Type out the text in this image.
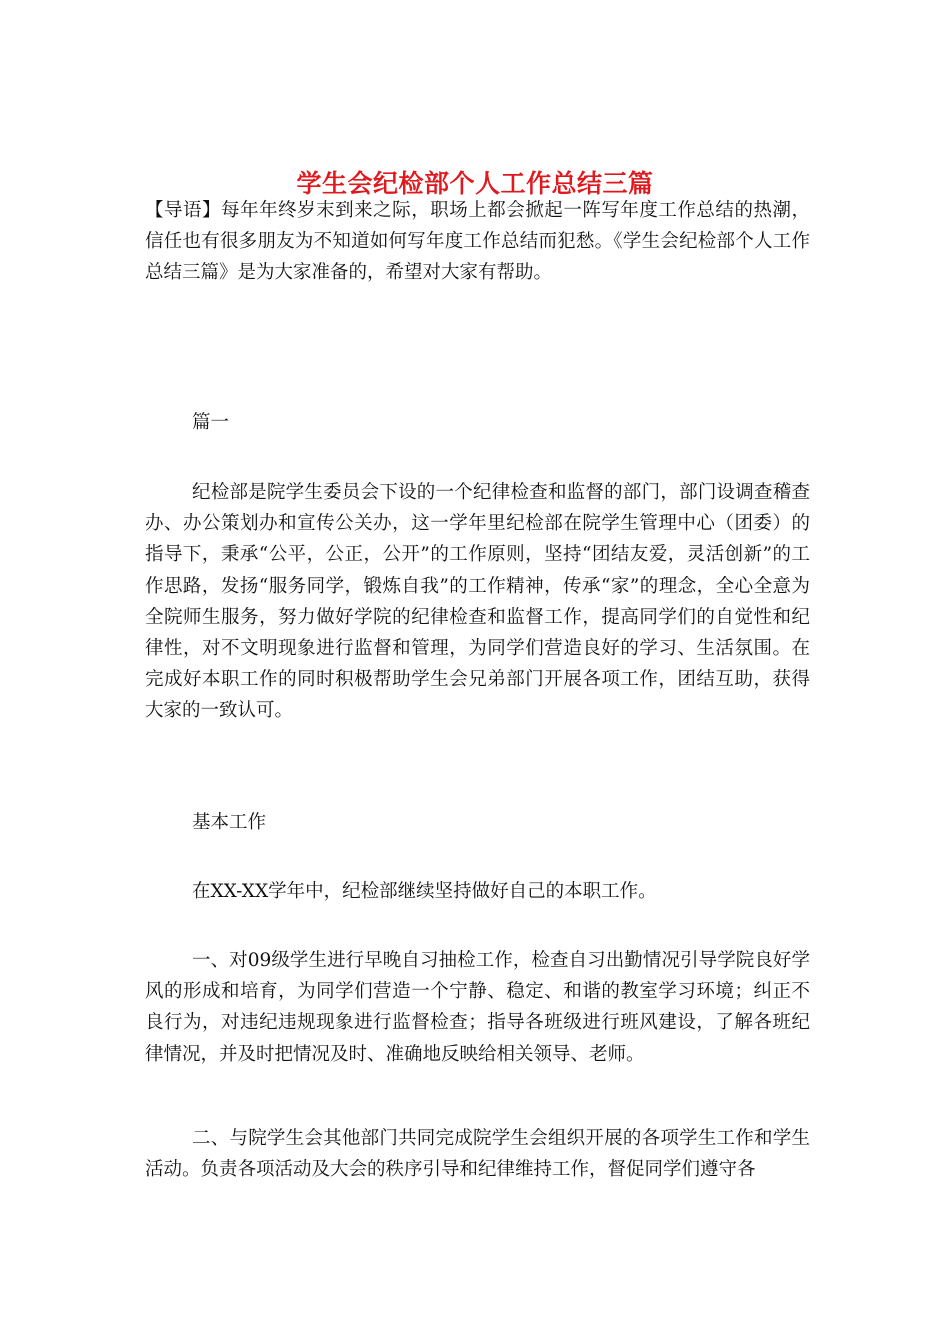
学生会纪检部个人工作总结三篇

【导语】每年年终岁末到来之际，职场上都会掀起一阵写年度工作总结的热潮，信任也有很多朋友为不知道如何写年度工作总结而犯愁。《学生会纪检部个人工作总结三篇》是为大家准备的，希望对大家有帮助。

篇一

纪检部是院学生委员会下设的一个纪律检查和监督的部门，部门设调查稽查办、办公策划办和宣传公关办，这一学年里纪检部在院学生管理中心（团委）的指导下，秉承“公平，公正，公开”的工作原则，坚持“团结友爱，灵活创新”的工作思路，发扬“服务同学，锻炼自我”的工作精神，传承“家”的理念，全心全意为全院师生服务，努力做好学院的纪律检查和监督工作，提高同学们的自觉性和纪律性，对不文明现象进行监督和管理，为同学们营造良好的学习、生活氛围。在完成好本职工作的同时积极帮助学生会兄弟部门开展各项工作，团结互助，获得大家的一致认可。

基本工作

在XX-XX学年中，纪检部继续坚持做好自己的本职工作。

一、对09级学生进行早晚自习抽检工作，检查自习出勤情况引导学院良好学风的形成和培育，为同学们营造一个宁静、稳定、和谐的教室学习环境；纠正不良行为，对违纪违规现象进行监督检查；指导各班级进行班风建设，了解各班纪律情况，并及时把情况及时、准确地反映给相关领导、老师。

二、与院学生会其他部门共同完成院学生会组织开展的各项学生工作和学生活动。负责各项活动及大会的秩序引导和纪律维持工作，督促同学们遵守各
